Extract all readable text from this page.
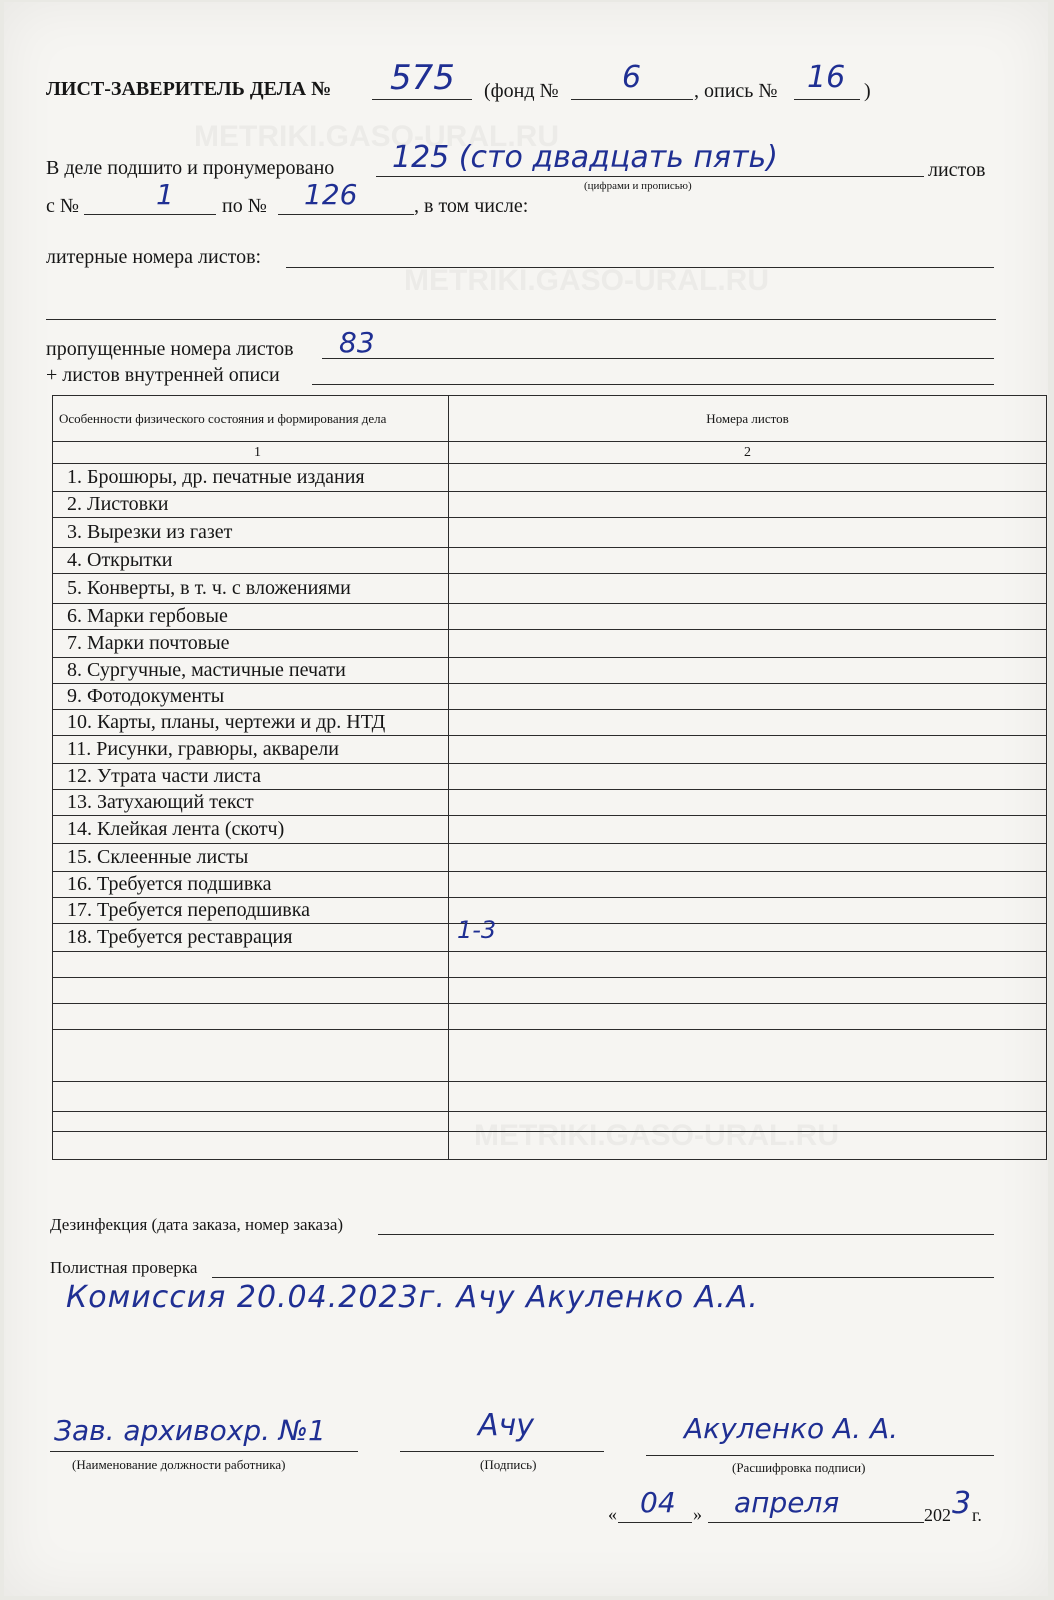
METRIKI.GASO-URAL.RU
METRIKI.GASO-URAL.RU
METRIKI.GASO-URAL.RU
ЛИСТ-ЗАВЕРИТЕЛЬ ДЕЛА № 575 (фонд № 6	, опись № 16 )
В деле подшито и пронумеровано 125 (сто двадцать пять)	листов
(цифрами и прописью)
с №	1 по № 126	, в том числе:
литерные номера листов:
пропущенные номера листов 83
+ листов внутренней описи
Особенности физического состояния и формирования дела	Номера листов
1	2
1. Брошюры, др. печатные издания	

2. Листовки	

3. Вырезки из газет	

4. Открытки	

5. Конверты, в т. ч. с вложениями	

6. Марки гербовые	

7. Марки почтовые	

8. Сургучные, мастичные печати	

9. Фотодокументы	

10. Карты, планы, чертежи и др. НТД	

11. Рисунки, гравюры, акварели	

12. Утрата части листа	

13. Затухающий текст	

14. Клейкая лента (скотч)	

15. Склеенные листы	

16. Требуется подшивка	

17. Требуется переподшивка	

18. Требуется реставрация	1-3

Дезинфекция (дата заказа, номер заказа)
Полистная проверка
Комиссия 20.04.2023г. Ачу Акуленко А.А.
Зав. архивохр. №1
(Наименование должности работника)
Ачу
(Подпись)
Акуленко А. А.
(Расшифровка подписи)
« 04 » апреля	202 3 г.
